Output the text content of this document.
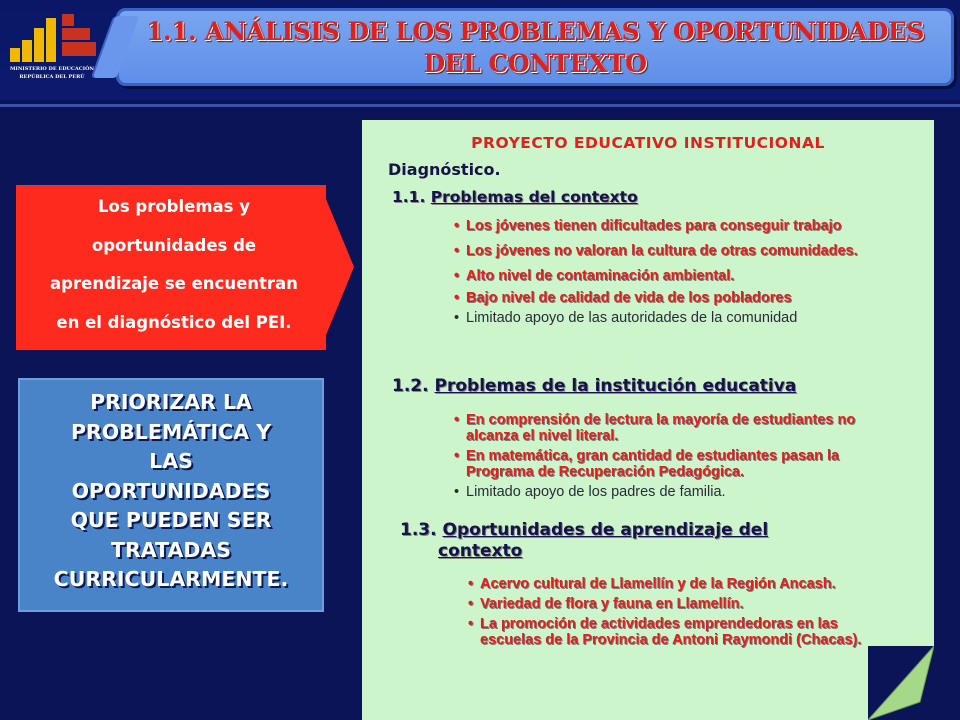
MINISTERIO DE EDUCACIÓN
REPÚBLICA DEL PERÚ
1.1. ANÁLISIS DE LOS PROBLEMAS Y OPORTUNIDADES
DEL CONTEXTO
Los problemas y
oportunidades de
aprendizaje se encuentran
en el diagnóstico del PEI.
PRIORIZAR LA
PROBLEMÁTICA Y
LAS
OPORTUNIDADES
QUE PUEDEN SER
TRATADAS
CURRICULARMENTE.
PROYECTO EDUCATIVO INSTITUCIONAL
Diagnóstico.
1.1. Problemas del contexto
• Los jóvenes tienen dificultades para conseguir trabajo
• Los jóvenes no valoran la cultura de otras comunidades.
• Alto nivel de contaminación ambiental.
• Bajo nivel de calidad de vida de los pobladores
• Limitado apoyo de las autoridades de la comunidad
1.2. Problemas de la institución educativa
• En comprensión de lectura la mayoría de estudiantes no alcanza el nivel literal.
• En matemática, gran cantidad de estudiantes pasan la Programa de Recuperación Pedagógica.
• Limitado apoyo de los padres de familia.
1.3. Oportunidades de aprendizaje del
contexto
• Acervo cultural de Llamellín y de la Región Ancash.
• Variedad de flora y fauna en Llamellín.
• La promoción de actividades emprendedoras en las escuelas de la Provincia de Antoni Raymondi (Chacas).
